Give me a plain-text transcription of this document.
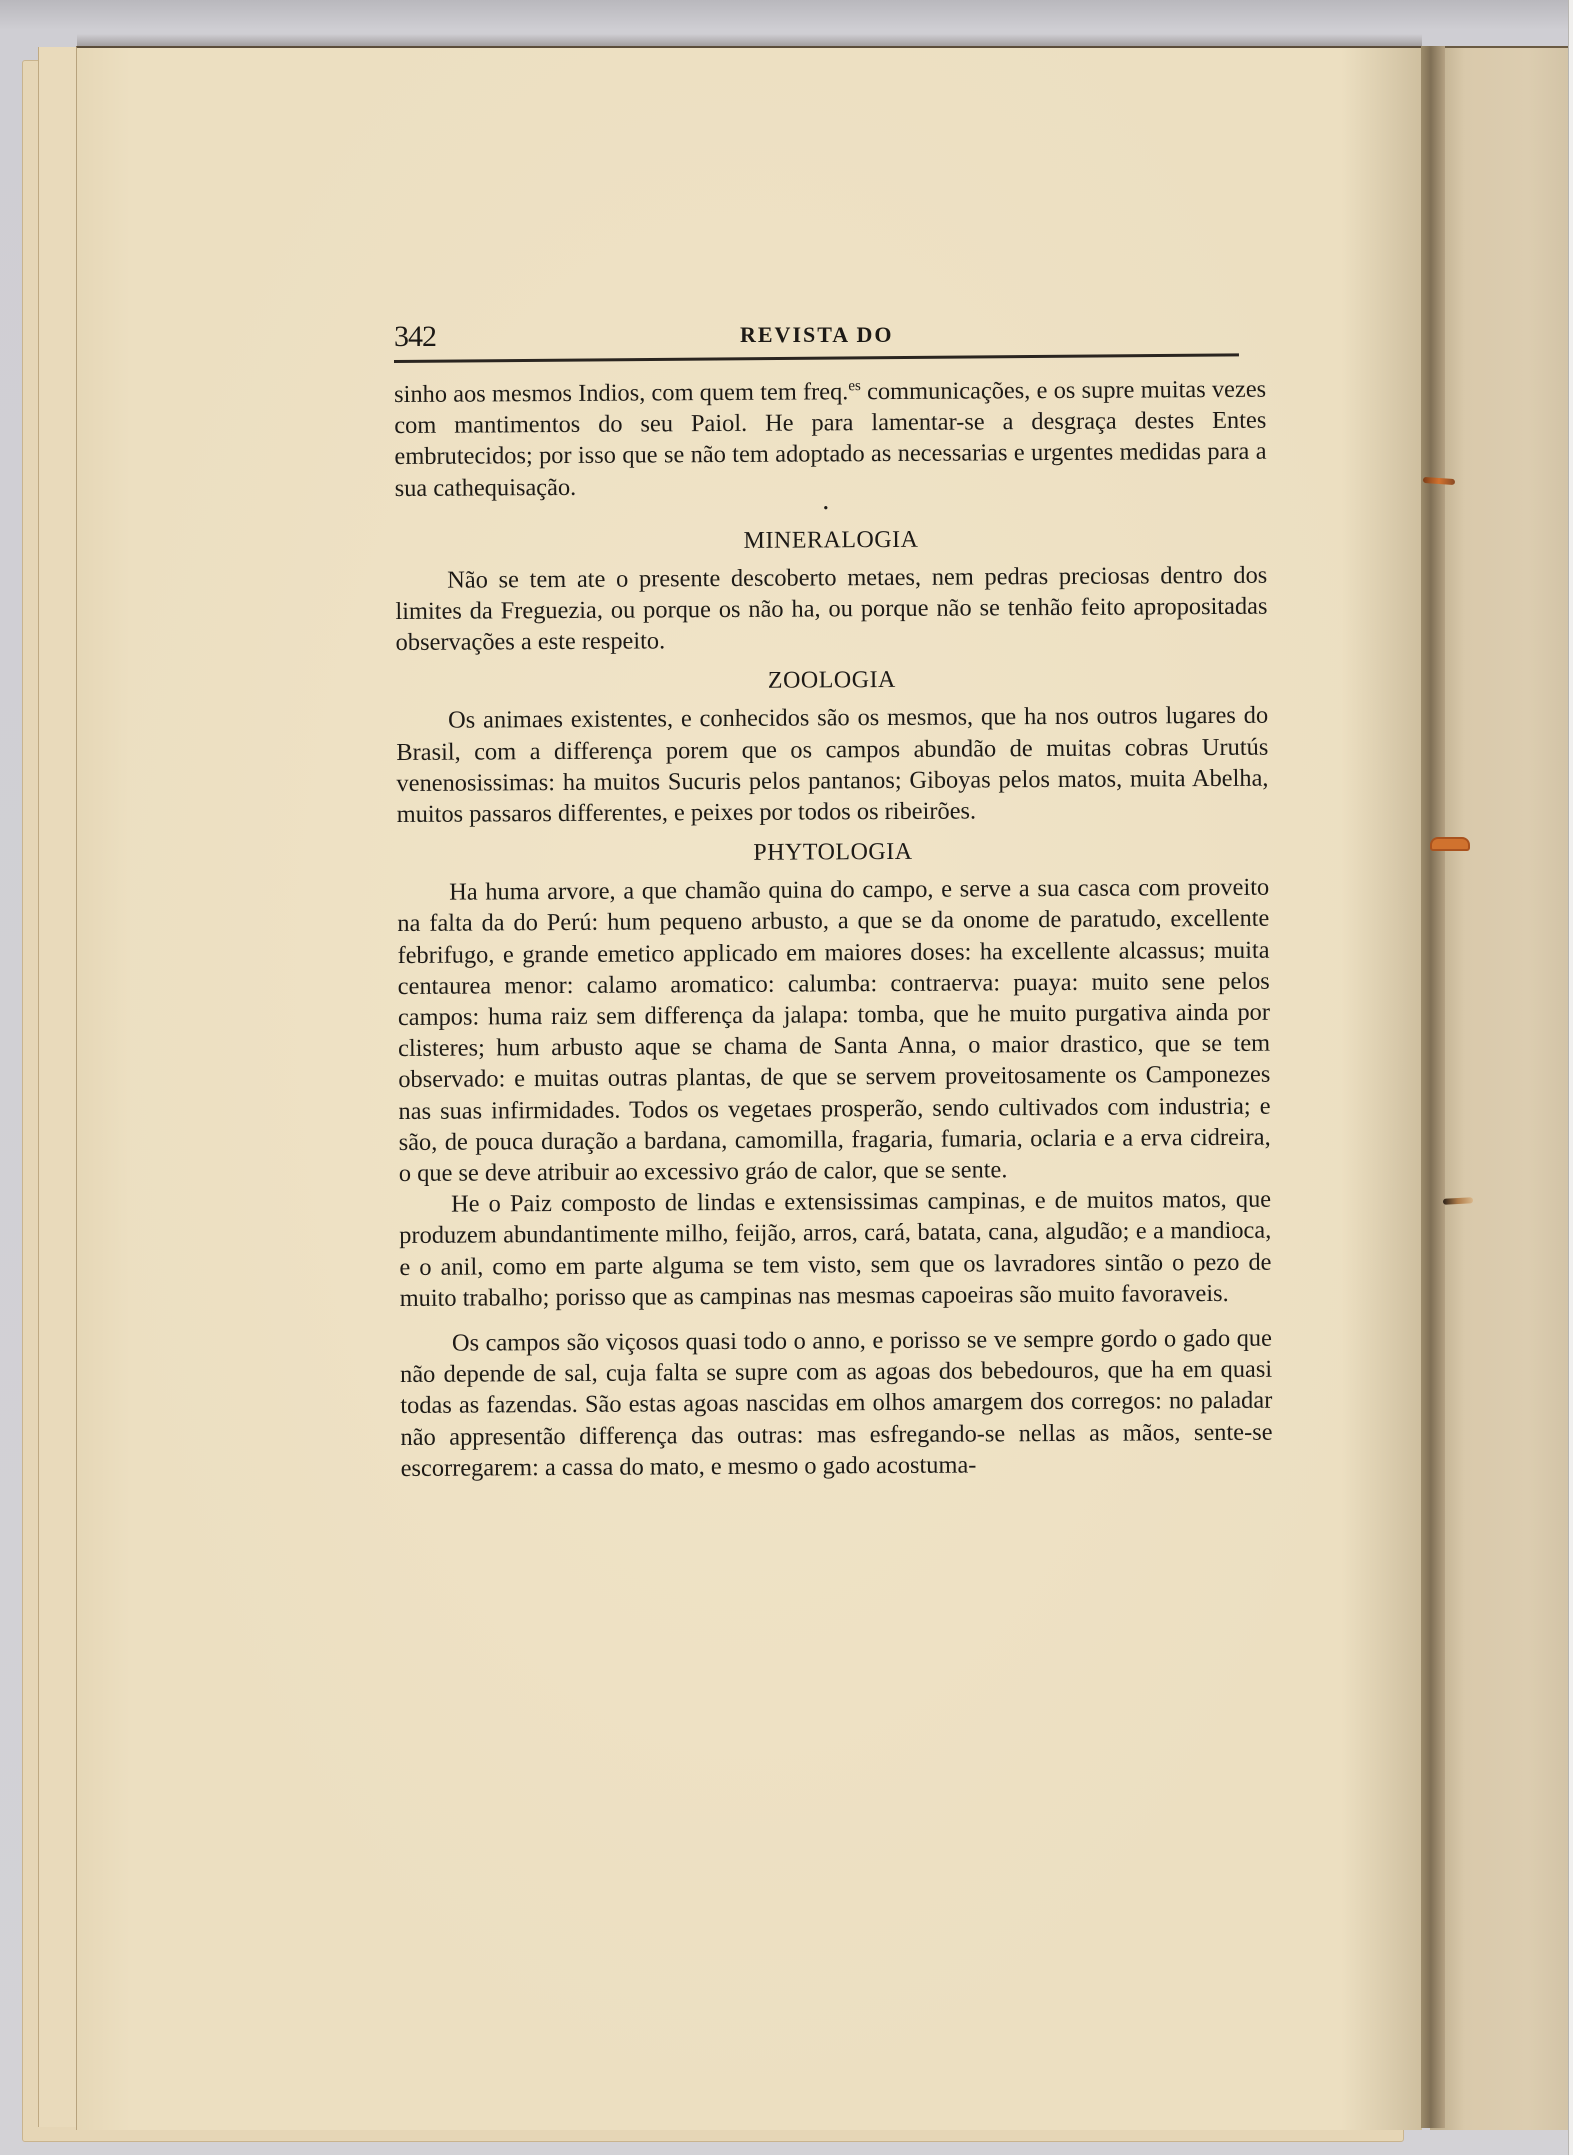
342	REVISTA DO

sinho aos mesmos Indios, com quem tem freq.$^{es}$ communicações, e os supre muitas vezes com mantimentos do seu Paiol. He para lamentar-se a desgraça destes Entes embrutecidos; por isso que se não tem adoptado as necessarias e urgentes medidas para a sua cathequisação.

•
MINERALOGIA

Não se tem ate o presente descoberto metaes, nem pedras preciosas dentro dos limites da Freguezia, ou porque os não ha, ou porque não se tenhão feito apropositadas observações a este respeito.

ZOOLOGIA

Os animaes existentes, e conhecidos são os mesmos, que ha nos outros lugares do Brasil, com a differença porem que os campos abundão de muitas cobras Urutús venenosissimas: ha muitos Sucuris pelos pantanos; Giboyas pelos matos, muita Abelha, muitos passaros differentes, e peixes por todos os ribeirões.

PHYTOLOGIA

Ha huma arvore, a que chamão quina do campo, e serve a sua casca com proveito na falta da do Perú: hum pequeno arbusto, a que se da onome de paratudo, excellente febrifugo, e grande emetico applicado em maiores doses: ha excellente alcassus; muita centaurea menor: calamo aromatico: calumba: contraerva: puaya: muito sene pelos campos: huma raiz sem differença da jalapa: tomba, que he muito purgativa ainda por clisteres; hum arbusto aque se chama de Santa Anna, o maior drastico, que se tem observado: e muitas outras plantas, de que se servem proveitosamente os Camponezes nas suas infirmidades. Todos os vegetaes prosperão, sendo cultivados com industria; e são, de pouca duração a bardana, camomilla, fragaria, fumaria, oclaria e a erva cidreira, o que se deve atribuir ao excessivo gráo de calor, que se sente.

He o Paiz composto de lindas e extensissimas campinas, e de muitos matos, que produzem abundantimente milho, feijão, arros, cará, batata, cana, algudão; e a mandioca, e o anil, como em parte alguma se tem visto, sem que os lavradores sintão o pezo de muito trabalho; porisso que as campinas nas mesmas capoeiras são muito favoraveis.

Os campos são viçosos quasi todo o anno, e porisso se ve sempre gordo o gado que não depende de sal, cuja falta se supre com as agoas dos bebedouros, que ha em quasi todas as fazendas. São estas agoas nascidas em olhos amargem dos corregos: no paladar não appresentão differença das outras: mas esfregando-se nellas as mãos, sente-se escorregarem: a cassa do mato, e mesmo o gado acostuma-
